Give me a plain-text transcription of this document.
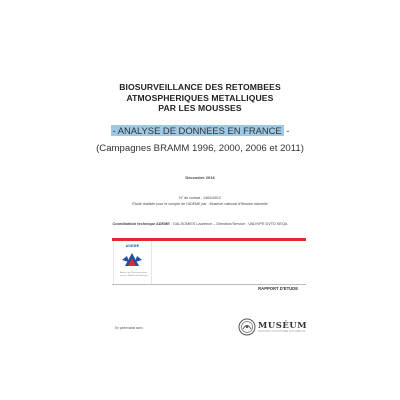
BIOSURVEILLANCE DES RETOMBEES
ATMOSPHERIQUES METALLIQUES
PAR LES MOUSSES
- ANALYSE DE DONNEES EN FRANCE -
(Campagnes BRAMM 1996, 2000, 2006 et 2011)
Décembre 2016
N° de contrat : 1462c0012
Étude réalisée pour le compte de l'ADEME par : Muséum national d'Histoire naturelle
Coordination technique ADEME : GALSOMIES Laurence – Direction/Service : VAD/VPE DVTD SEQA
ADEME
Agence de l'Environnement et de la Maîtrise de l'Energie
RAPPORT D'ETUDE
En partenariat avec :	MUSÉUM
NATIONAL D'HISTOIRE NATURELLE
